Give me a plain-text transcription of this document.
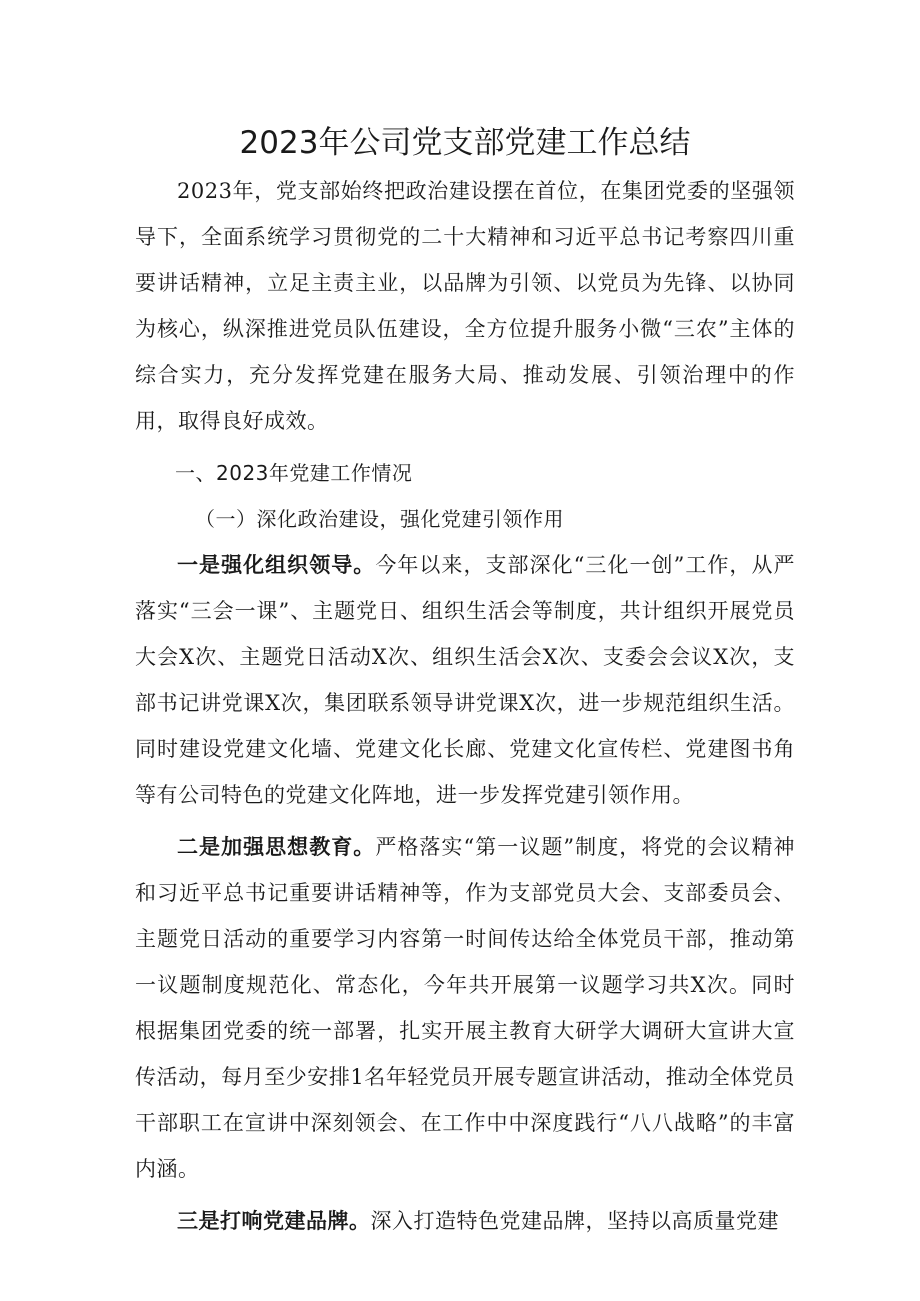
2023年公司党支部党建工作总结

2023年，党支部始终把政治建设摆在首位，在集团党委的坚强领导下，全面系统学习贯彻党的二十大精神和习近平总书记考察四川重要讲话精神，立足主责主业，以品牌为引领、以党员为先锋、以协同为核心，纵深推进党员队伍建设，全方位提升服务小微“三农”主体的综合实力，充分发挥党建在服务大局、推动发展、引领治理中的作用，取得良好成效。

一、2023年党建工作情况

（一）深化政治建设，强化党建引领作用

一是强化组织领导。今年以来，支部深化“三化一创”工作，从严落实“三会一课”、主题党日、组织生活会等制度，共计组织开展党员大会X次、主题党日活动X次、组织生活会X次、支委会会议X次，支部书记讲党课X次，集团联系领导讲党课X次，进一步规范组织生活。同时建设党建文化墙、党建文化长廊、党建文化宣传栏、党建图书角等有公司特色的党建文化阵地，进一步发挥党建引领作用。

二是加强思想教育。严格落实“第一议题”制度，将党的会议精神和习近平总书记重要讲话精神等，作为支部党员大会、支部委员会、主题党日活动的重要学习内容第一时间传达给全体党员干部，推动第一议题制度规范化、常态化，今年共开展第一议题学习共X次。同时根据集团党委的统一部署，扎实开展主教育大研学大调研大宣讲大宣传活动，每月至少安排1名年轻党员开展专题宣讲活动，推动全体党员干部职工在宣讲中深刻领会、在工作中中深度践行“八八战略”的丰富内涵。

三是打响党建品牌。深入打造特色党建品牌，坚持以高质量党建
